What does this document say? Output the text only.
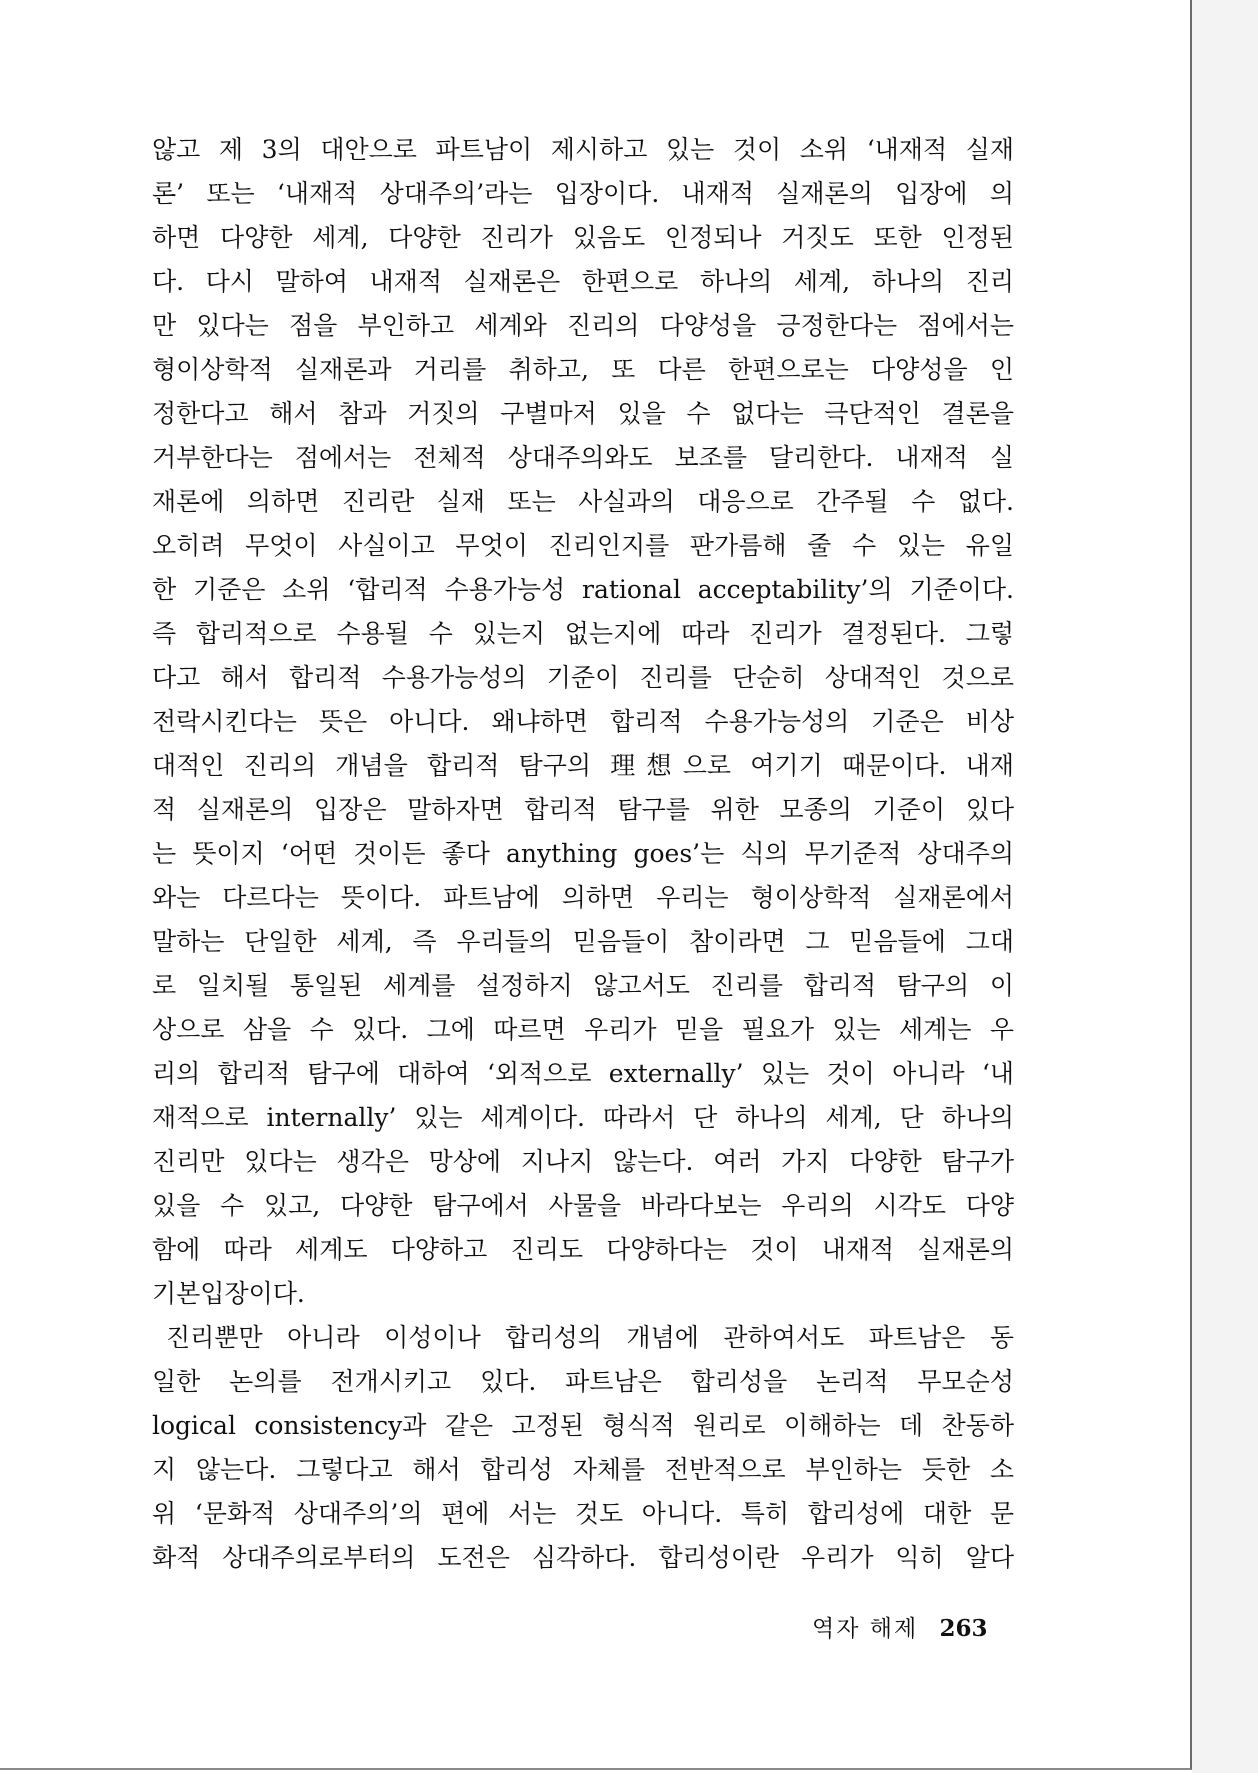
않고 제 3의 대안으로 파트남이 제시하고 있는 것이 소위 ‘내재적 실재
론’ 또는 ‘내재적 상대주의’라는 입장이다. 내재적 실재론의 입장에 의
하면 다양한 세계, 다양한 진리가 있음도 인정되나 거짓도 또한 인정된
다. 다시 말하여 내재적 실재론은 한편으로 하나의 세계, 하나의 진리
만 있다는 점을 부인하고 세계와 진리의 다양성을 긍정한다는 점에서는
형이상학적 실재론과 거리를 취하고, 또 다른 한편으로는 다양성을 인
정한다고 해서 참과 거짓의 구별마저 있을 수 없다는 극단적인 결론을
거부한다는 점에서는 전체적 상대주의와도 보조를 달리한다. 내재적 실
재론에 의하면 진리란 실재 또는 사실과의 대응으로 간주될 수 없다.
오히려 무엇이 사실이고 무엇이 진리인지를 판가름해 줄 수 있는 유일
한 기준은 소위 ‘합리적 수용가능성 rational acceptability’의 기준이다.
즉 합리적으로 수용될 수 있는지 없는지에 따라 진리가 결정된다. 그렇
다고 해서 합리적 수용가능성의 기준이 진리를 단순히 상대적인 것으로
전락시킨다는 뜻은 아니다. 왜냐하면 합리적 수용가능성의 기준은 비상
대적인 진리의 개념을 합리적 탐구의 理想으로 여기기 때문이다. 내재
적 실재론의 입장은 말하자면 합리적 탐구를 위한 모종의 기준이 있다
는 뜻이지 ‘어떤 것이든 좋다 anything goes’는 식의 무기준적 상대주의
와는 다르다는 뜻이다. 파트남에 의하면 우리는 형이상학적 실재론에서
말하는 단일한 세계, 즉 우리들의 믿음들이 참이라면 그 믿음들에 그대
로 일치될 통일된 세계를 설정하지 않고서도 진리를 합리적 탐구의 이
상으로 삼을 수 있다. 그에 따르면 우리가 믿을 필요가 있는 세계는 우
리의 합리적 탐구에 대하여 ‘외적으로 externally’ 있는 것이 아니라 ‘내
재적으로 internally’ 있는 세계이다. 따라서 단 하나의 세계, 단 하나의
진리만 있다는 생각은 망상에 지나지 않는다. 여러 가지 다양한 탐구가
있을 수 있고, 다양한 탐구에서 사물을 바라다보는 우리의 시각도 다양
함에 따라 세계도 다양하고 진리도 다양하다는 것이 내재적 실재론의
기본입장이다.
진리뿐만 아니라 이성이나 합리성의 개념에 관하여서도 파트남은 동
일한 논의를 전개시키고 있다. 파트남은 합리성을 논리적 무모순성
logical consistency과 같은 고정된 형식적 원리로 이해하는 데 찬동하
지 않는다. 그렇다고 해서 합리성 자체를 전반적으로 부인하는 듯한 소
위 ‘문화적 상대주의’의 편에 서는 것도 아니다. 특히 합리성에 대한 문
화적 상대주의로부터의 도전은 심각하다. 합리성이란 우리가 익히 알다
역자 해제 263
